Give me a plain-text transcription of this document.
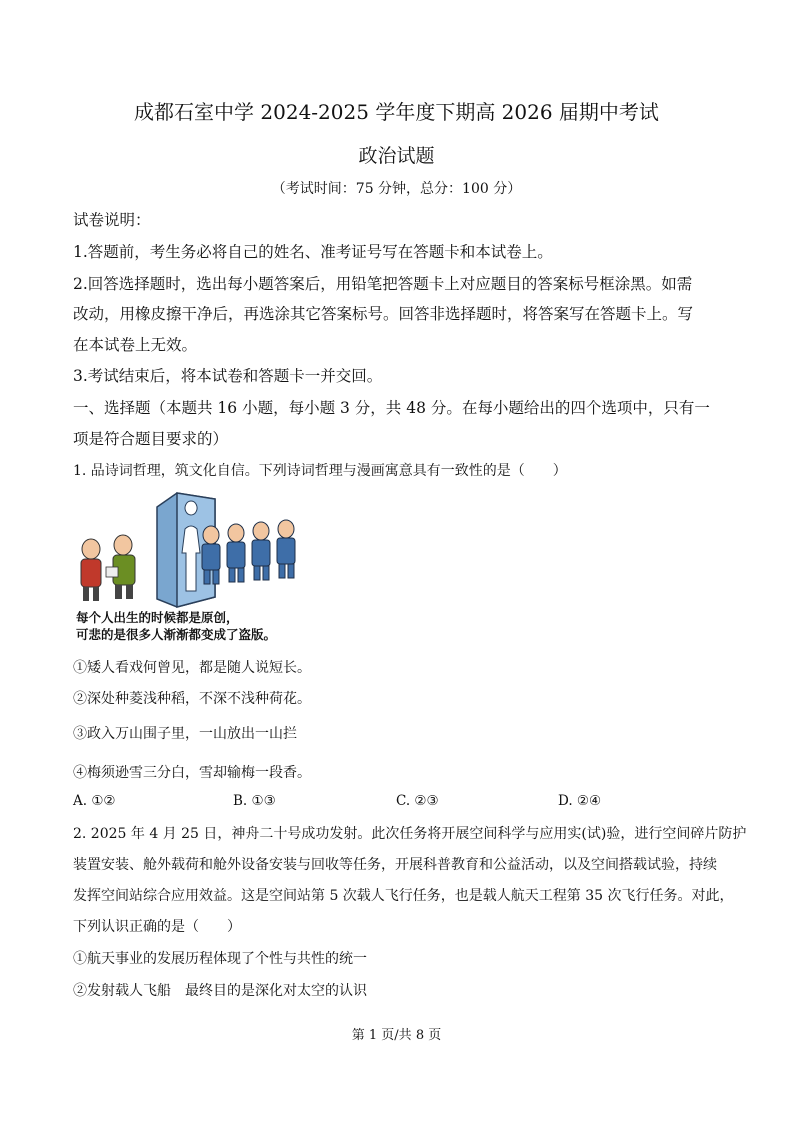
成都石室中学 2024-2025 学年度下期高 2026 届期中考试
政治试题
（考试时间：75 分钟，总分：100 分）
试卷说明：
1.答题前，考生务必将自己的姓名、准考证号写在答题卡和本试卷上。
2.回答选择题时，选出每小题答案后，用铅笔把答题卡上对应题目的答案标号框涂黑。如需
改动，用橡皮擦干净后，再选涂其它答案标号。回答非选择题时，将答案写在答题卡上。写
在本试卷上无效。
3.考试结束后，将本试卷和答题卡一并交回。
一、选择题（本题共 16 小题，每小题 3 分，共 48 分。在每小题给出的四个选项中，只有一
项是符合题目要求的）
1. 品诗词哲理，筑文化自信。下列诗词哲理与漫画寓意具有一致性的是（　　）
每个人出生的时候都是原创，
可悲的是很多人渐渐都变成了盗版。
①矮人看戏何曾见，都是随人说短长。
②深处种菱浅种稻，不深不浅种荷花。
③政入万山围子里，一山放出一山拦
④梅须逊雪三分白，雪却输梅一段香。
A. ①②	B. ①③	C. ②③	D. ②④
2. 2025 年 4 月 25 日，神舟二十号成功发射。此次任务将开展空间科学与应用实(试)验，进行空间碎片防护
装置安装、舱外载荷和舱外设备安装与回收等任务，开展科普教育和公益活动，以及空间搭载试验，持续
发挥空间站综合应用效益。这是空间站第 5 次载人飞行任务，也是载人航天工程第 35 次飞行任务。对此，
下列认识正确的是（　　）
①航天事业的发展历程体现了个性与共性的统一
②发射载人飞船　最终目的是深化对太空的认识
第 1 页/共 8 页
